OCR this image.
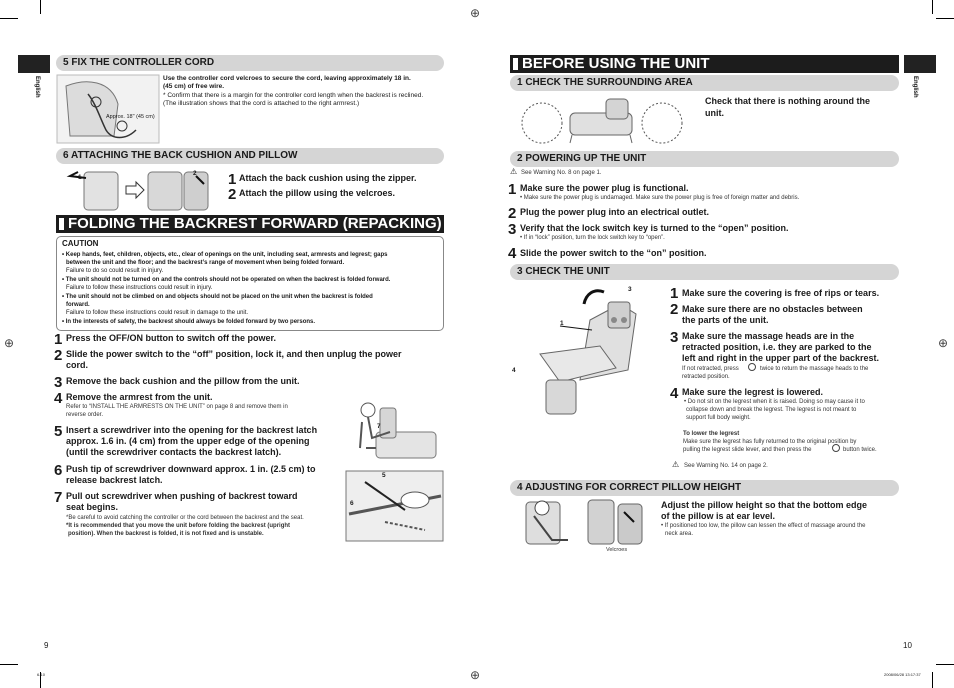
⊕
⊕
⊕	⊕
English
5 FIX THE CONTROLLER CORD
Approx. 18" (45 cm)
Use the controller cord velcroes to secure the cord, leaving approximately 18 in.
(45 cm) of free wire.
* Confirm that there is a margin for the controller cord length when the backrest is reclined.
(The illustration shows that the cord is attached to the right armrest.)
6 ATTACHING THE BACK CUSHION AND PILLOW
1
2 1 Attach the back cushion using the zipper.
2 Attach the pillow using the velcroes.
FOLDING THE BACKREST FORWARD (REPACKING)
CAUTION
• Keep hands, feet, children, objects, etc., clear of openings on the unit, including seat, armrests and legrest; gaps
between the unit and the floor; and the backrest’s range of movement when being folded forward.
Failure to do so could result in injury.
• The unit should not be turned on and the controls should not be operated on when the backrest is folded forward.
Failure to follow these instructions could result in injury.
• The unit should not be climbed on and objects should not be placed on the unit when the backrest is folded
forward.
Failure to follow these instructions could result in damage to the unit.
• In the interests of safety, the backrest should always be folded forward by two persons.
1 Press the OFF/ON button to switch off the power.
2 Slide the power switch to the “off” position, lock it, and then unplug the power
cord.
3 Remove the back cushion and the pillow from the unit.
4 Remove the armrest from the unit.
Refer to “INSTALL THE ARMRESTS ON THE UNIT” on page 8 and remove them in
reverse order.
5 Insert a screwdriver into the opening for the backrest latch
approx. 1.6 in. (4 cm) from the upper edge of the opening
(until the screwdriver contacts the backrest latch).
6 Push tip of screwdriver downward approx. 1 in. (2.5 cm) to
release backrest latch.
7 Pull out screwdriver when pushing of backrest toward
seat begins.
*Be careful to avoid catching the controller or the cord between the backrest and the seat.
*It is recommended that you move the unit before folding the backrest (upright
position). When the backrest is folded, it is not fixed and is unstable.
7
5
6
9
6-10
English
BEFORE USING THE UNIT
1 CHECK THE SURROUNDING AREA
Check that there is nothing around the
unit.
2 POWERING UP THE UNIT
⚠ See Warning No. 8 on page 1.
1 Make sure the power plug is functional.
• Make sure the power plug is undamaged. Make sure the power plug is free of foreign matter and debris.
2 Plug the power plug into an electrical outlet.
3 Verify that the lock switch key is turned to the “open” position.
• If in “lock” position, turn the lock switch key to “open”.
4 Slide the power switch to the “on” position.
3 CHECK THE UNIT
3
1
4
1 Make sure the covering is free of rips or tears.
2 Make sure there are no obstacles between
the parts of the unit.
3 Make sure the massage heads are in the
retracted position, i.e. they are parked to the
left and right in the upper part of the backrest.
If not retracted, press	twice to return the massage heads to the
retracted position.
4 Make sure the legrest is lowered.
• Do not sit on the legrest when it is raised. Doing so may cause it to
collapse down and break the legrest. The legrest is not meant to
support full body weight.
To lower the legrest
Make sure the legrest has fully returned to the original position by
pulling the legrest slide lever, and then press the	button twice.
⚠ See Warning No. 14 on page 2.
4 ADJUSTING FOR CORRECT PILLOW HEIGHT
Velcroes
Adjust the pillow height so that the bottom edge
of the pillow is at ear level.
• If positioned too low, the pillow can lessen the effect of massage around the
neck area.
10
2008/06/28 13:17:37
